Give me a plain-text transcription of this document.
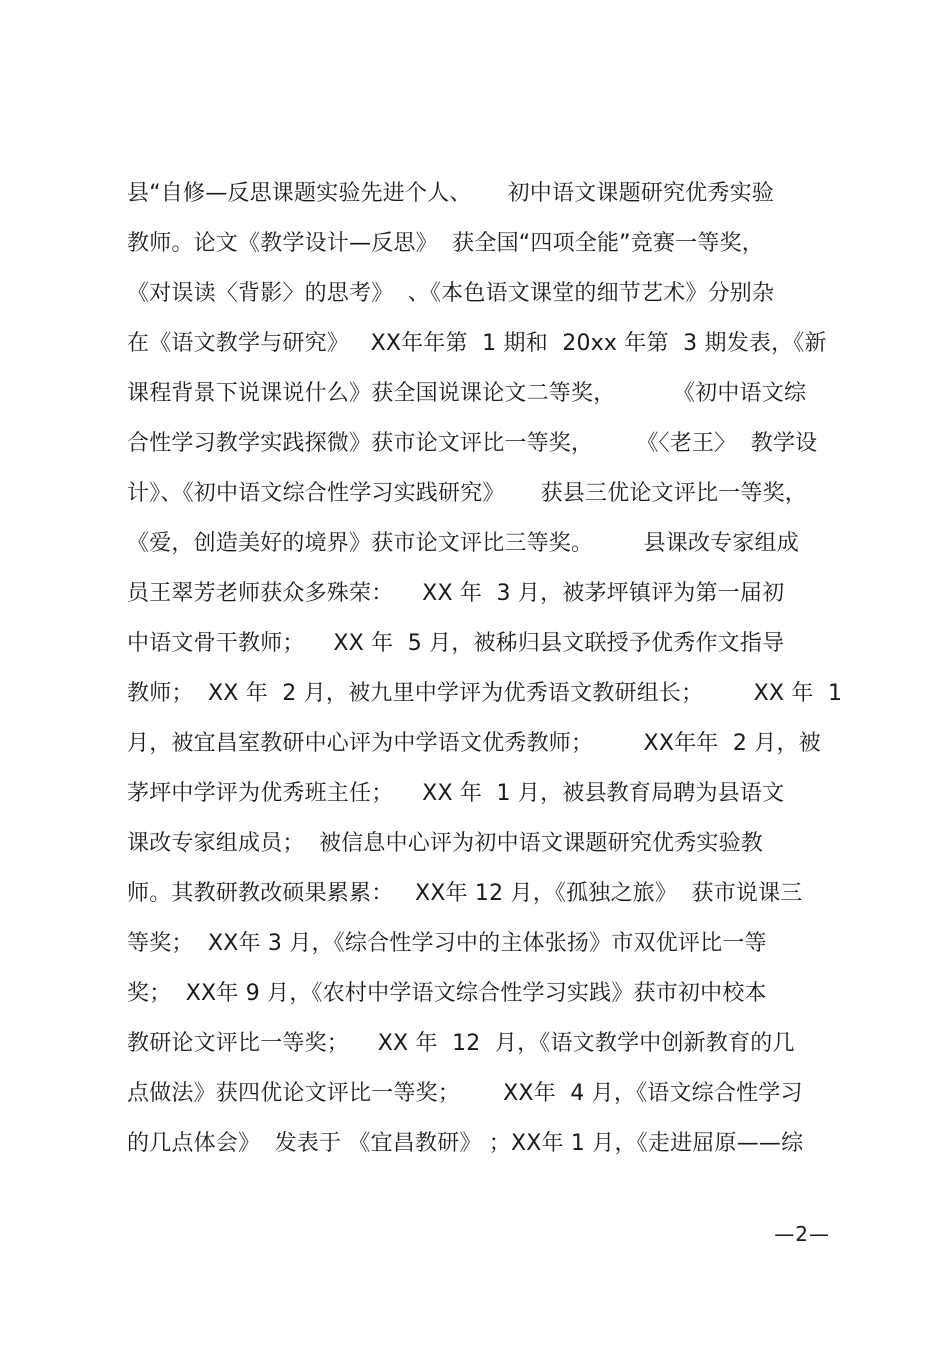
县“自修—反思课题实验先进个人、     初中语文课题研究优秀实验
教师。论文《教学设计—反思》  获全国“四项全能”竞赛一等奖，
《对误读〈背影〉的思考》  、《本色语文课堂的细节艺术》分别杂
在《语文教学与研究》   XX年年第  1 期和  20xx 年第  3 期发表，《新
课程背景下说课说什么》获全国说课论文二等奖，        《初中语文综
合性学习教学实践探微》获市论文评比一等奖，      《〈老王〉  教学设
计》、《初中语文综合性学习实践研究》     获县三优论文评比一等奖，
《爱，创造美好的境界》获市论文评比三等奖。       县课改专家组成
员王翠芳老师获众多殊荣：    XX 年  3 月，被茅坪镇评为第一届初
中语文骨干教师；    XX 年  5 月，被秭归县文联授予优秀作文指导
教师；  XX 年  2 月，被九里中学评为优秀语文教研组长；       XX 年  1
月，被宜昌室教研中心评为中学语文优秀教师；       XX年年  2 月，被
茅坪中学评为优秀班主任；    XX 年  1 月，被县教育局聘为县语文
课改专家组成员；  被信息中心评为初中语文课题研究优秀实验教
师。其教研教改硕果累累：   XX年 12 月，《孤独之旅》  获市说课三
等奖；  XX年 3 月，《综合性学习中的主体张扬》市双优评比一等
奖；  XX年 9 月，《农村中学语文综合性学习实践》获市初中校本
教研论文评比一等奖；    XX 年  12  月，《语文教学中创新教育的几
点做法》获四优论文评比一等奖；      XX年  4 月，《语文综合性学习
的几点体会》  发表于 《宜昌教研》 ；XX年 1 月，《走进屈原——综
—2—
